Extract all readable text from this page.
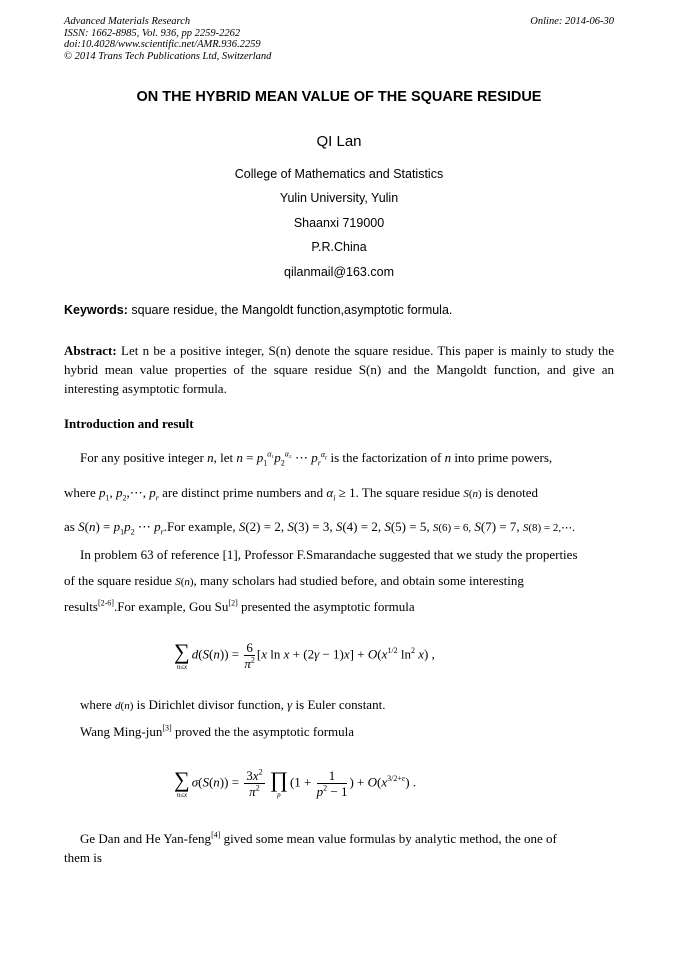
Advanced Materials Research
ISSN: 1662-8985, Vol. 936, pp 2259-2262
doi:10.4028/www.scientific.net/AMR.936.2259
© 2014 Trans Tech Publications Ltd, Switzerland
Online: 2014-06-30
ON THE HYBRID MEAN VALUE OF THE SQUARE RESIDUE
QI Lan
College of Mathematics and Statistics
Yulin University, Yulin
Shaanxi 719000
P.R.China
qilanmail@163.com
Keywords: square residue, the Mangoldt function,asymptotic formula.
Abstract: Let n be a positive integer, S(n) denote the square residue. This paper is mainly to study the hybrid mean value properties of the square residue S(n) and the Mangoldt function, and give an interesting asymptotic formula.
Introduction and result
For any positive integer n, let $n = p_1^{\alpha_1}p_2^{\alpha_2}$ ⋯ $p_r^{\alpha_r}$ is the factorization of n into prime powers,
where $p_1$, $p_2,\cdots$, $p_r$ are distinct prime numbers and $\alpha_i \ge 1$. The square residue S(n) is denoted
as $S(n) = p_1p_2$ ⋯ $p_r.For$ example, S(2) = 2, S(3) = 3, S(4) = 2, S(5) = 5, S(6) = 6, S(7) = 7, S(8) = 2,⋯.
In problem 63 of reference [1], Professor F.Smarandache suggested that we study the properties
of the square residue S(n), many scholars had studied before, and obtain some interesting
results[2-6].For example, Gou Su[2] presented the asymptotic formula
∑
n≤x
$d(S(n)) = \frac{6}{\pi^2} [x$ $\ln x + (2\gamma - 1)x] + O(x^{1/2}$ $\ln^2 x$) ,
where d(n) is Dirichlet divisor function, γ is Euler constant.
Wang Ming-jun[3] proved the the asymptotic formula
∑
n≤x
$\sigma(S(n)) = \frac{3x^2}{\pi^2}$
∏
p
($1 + \frac{1}{p^2 - 1}$ ) + $O(x^{3/2+\varepsilon})$ .
Ge Dan and He Yan-feng[4] gived some mean value formulas by analytic method, the one of
them is
